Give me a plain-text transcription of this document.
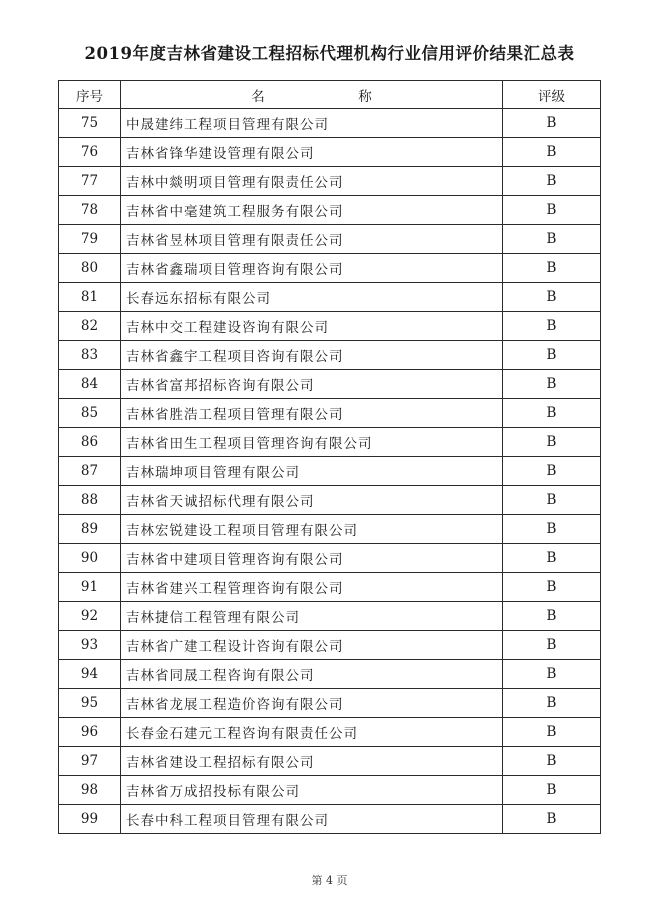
2019年度吉林省建设工程招标代理机构行业信用评价结果汇总表
序号	名　称	评级
75	中晟建纬工程项目管理有限公司	B
76	吉林省锋华建设管理有限公司	B
77	吉林中燚明项目管理有限责任公司	B
78	吉林省中毫建筑工程服务有限公司	B
79	吉林省昱林项目管理有限责任公司	B
80	吉林省鑫瑞项目管理咨询有限公司	B
81	长春远东招标有限公司	B
82	吉林中交工程建设咨询有限公司	B
83	吉林省鑫宇工程项目咨询有限公司	B
84	吉林省富邦招标咨询有限公司	B
85	吉林省胜浩工程项目管理有限公司	B
86	吉林省田生工程项目管理咨询有限公司	B
87	吉林瑞坤项目管理有限公司	B
88	吉林省天诚招标代理有限公司	B
89	吉林宏锐建设工程项目管理有限公司	B
90	吉林省中建项目管理咨询有限公司	B
91	吉林省建兴工程管理咨询有限公司	B
92	吉林捷信工程管理有限公司	B
93	吉林省广建工程设计咨询有限公司	B
94	吉林省同晟工程咨询有限公司	B
95	吉林省龙展工程造价咨询有限公司	B
96	长春金石建元工程咨询有限责任公司	B
97	吉林省建设工程招标有限公司	B
98	吉林省万成招投标有限公司	B
99	长春中科工程项目管理有限公司	B
第 4 页
